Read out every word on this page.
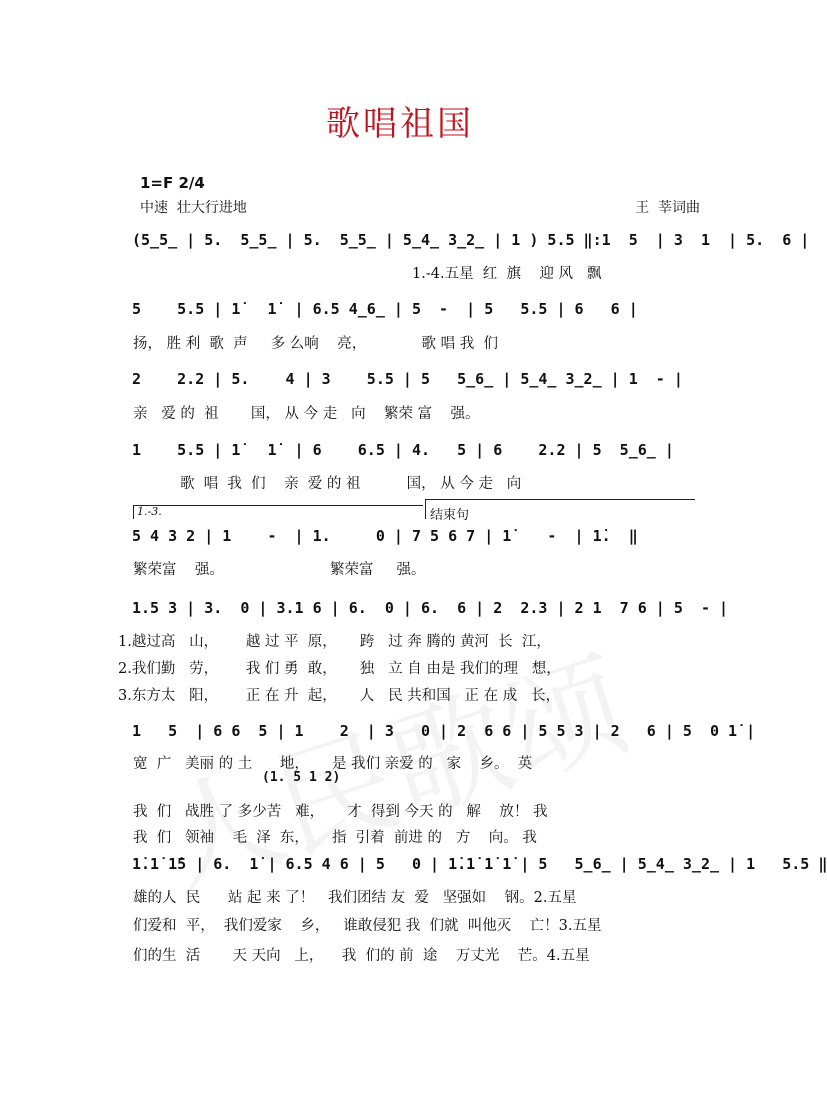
歌唱祖国
1=F 2/4
中速  壮大行进地	王  莘词曲
1.-3.	结束句
(1. 5 1 2)
(5̲5̲ | 5.  5̲5̲ | 5.  5̲5̲ | 5̲4̲ 3̲2̲ | 1 ) 5.5 ‖:1  5  | 3  1  | 5.  6 |
5    5.5 | 1̇   1̇  | 6.5 4̲6̲ | 5  -  | 5   5.5 | 6   6 |
2    2.2 | 5.    4 | 3    5.5 | 5   5̲6̲ | 5̲4̲ 3̲2̲ | 1  - |
1    5.5 | 1̇   1̇  | 6    6.5 | 4.   5 | 6    2.2 | 5  5̲6̲ |
5 4 3 2 | 1    -  | 1.     0 | 7 5 6 7 | 1̇    -  | 1̇.  ‖
1.5 3 | 3.  0 | 3.1 6 | 6.  0 | 6.  6 | 2  2.3 | 2 1  7 6 | 5  - |
1   5  | 6 6  5 | 1    2  | 3   0 | 2  6 6 | 5 5 3 | 2   6 | 5  0 1̇ |
1̇.1̇ 1̇5 | 6.  1̇ | 6.5 4 6 | 5   0 | 1̇.1̇ 1̇ 1̇ | 5   5̲6̲ | 5̲4̲ 3̲2̲ | 1   5.5 ‖
1.-4.五星  红  旗    迎 风   飘
扬， 胜 利  歌  声     多 么响    亮，            歌 唱 我  们
亲   爱 的  祖       国， 从 今 走   向    繁荣 富    强。
歌  唱  我  们    亲  爱 的 祖          国， 从 今 走   向
繁荣富    强。                       繁荣富     强。
1.越过高   山，      越 过 平  原，     跨   过 奔 腾的 黄河  长  江，
2.我们勤   劳，      我 们 勇  敢，     独   立 自 由是 我们的理   想，
3.东方太   阳，      正 在 升  起，     人   民 共和国   正 在 成   长，
宽  广   美丽 的 土      地，     是 我们 亲爱 的   家    乡。  英
我  们   战胜 了 多少苦   难，     才  得到 今天 的   解    放！ 我
我  们   领袖    毛  泽  东，     指  引着  前进 的   方    向。 我
雄的人  民      站 起 来 了！   我们团结 友  爱   坚强如    钢。2.五星
们爱和  平，  我们爱家    乡，   谁敢侵犯 我  们就  叫他灭    亡！3.五星
们的生  活       天 天向   上，    我  们的 前  途    万丈光    芒。4.五星
